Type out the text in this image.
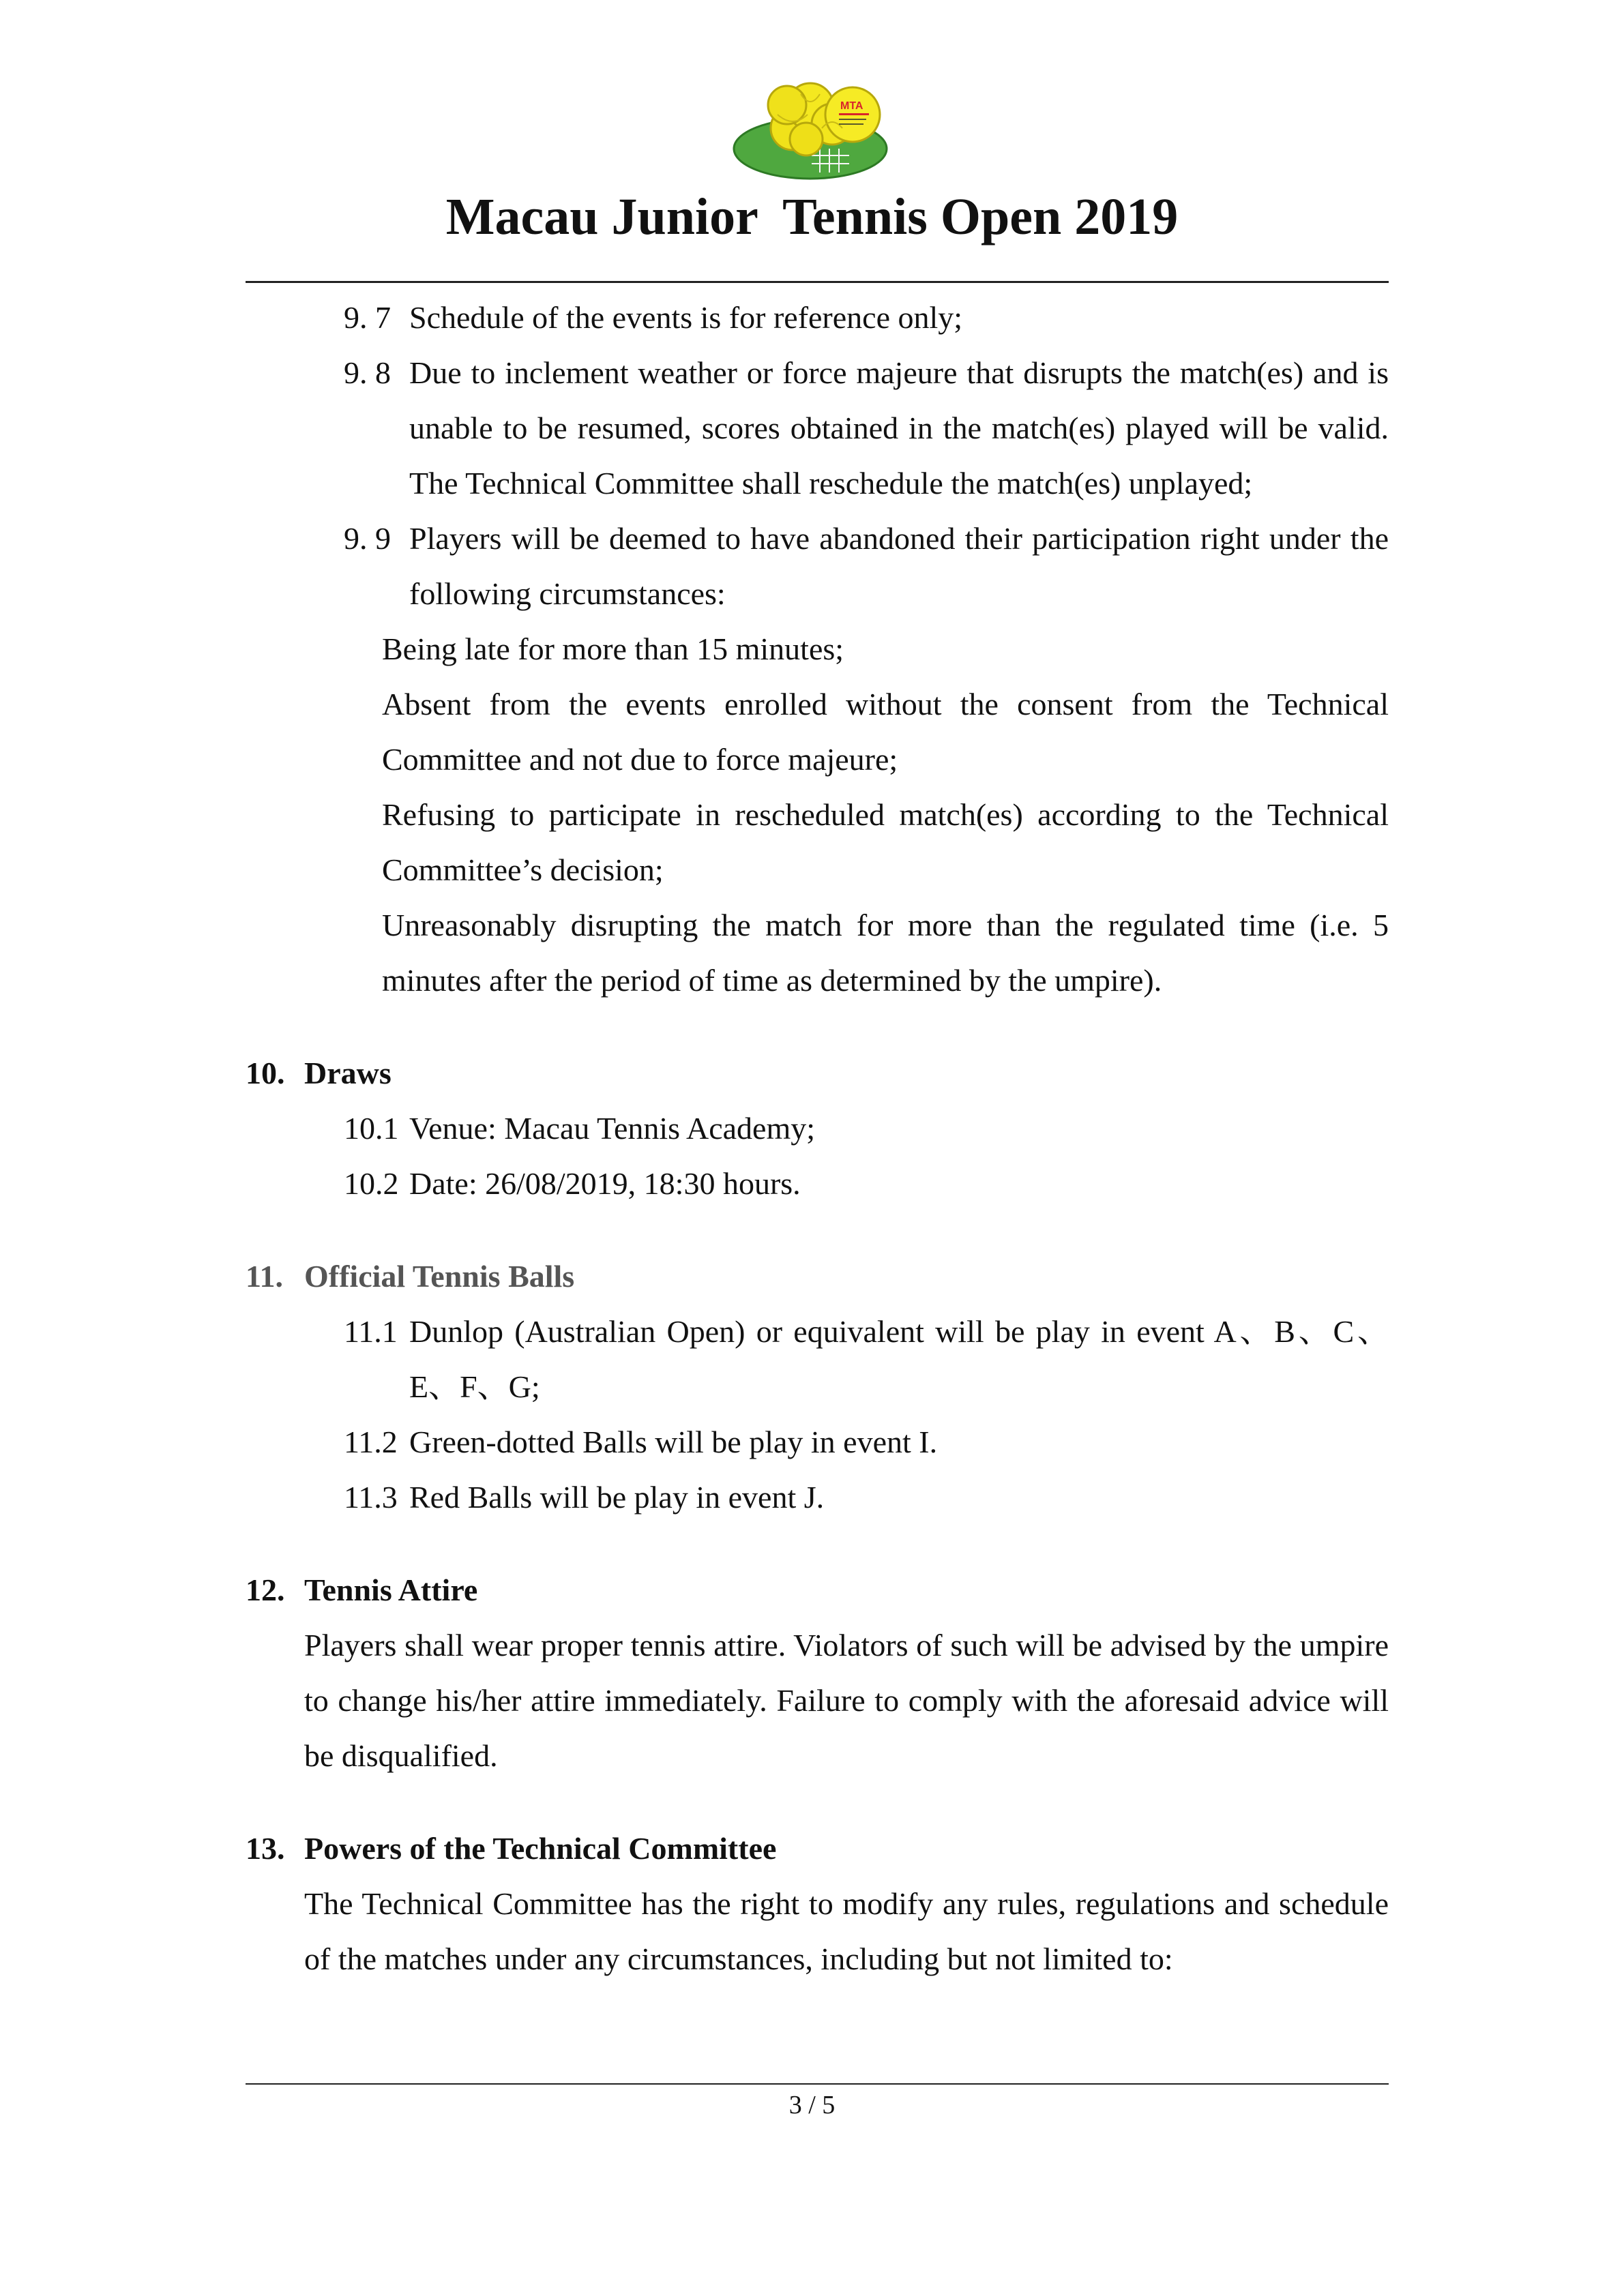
MTA
Macau Junior  Tennis Open 2019

9. 7 Schedule of the events is for reference only;

9. 8 Due to inclement weather or force majeure that disrupts the match(es) and is unable to be resumed, scores obtained in the match(es) played will be valid. The Technical Committee shall reschedule the match(es) unplayed;

9. 9 Players will be deemed to have abandoned their participation right under the following circumstances:

Being late for more than 15 minutes;

Absent from the events enrolled without the consent from the Technical Committee and not due to force majeure;

Refusing to participate in rescheduled match(es) according to the Technical Committee’s decision;

Unreasonably disrupting the match for more than the regulated time (i.e. 5 minutes after the period of time as determined by the umpire).

10. Draws

10.1 Venue: Macau Tennis Academy;

10.2 Date: 26/08/2019, 18:30 hours.

11. Official Tennis Balls

11.1 Dunlop (Australian Open) or equivalent will be play in event A、B、C、E、F、G;

11.2 Green-dotted Balls will be play in event I.

11.3 Red Balls will be play in event J.

12. Tennis Attire

Players shall wear proper tennis attire. Violators of such will be advised by the umpire to change his/her attire immediately. Failure to comply with the aforesaid advice will be disqualified.

13. Powers of the Technical Committee

The Technical Committee has the right to modify any rules, regulations and schedule of the matches under any circumstances, including but not limited to:

3 / 5
